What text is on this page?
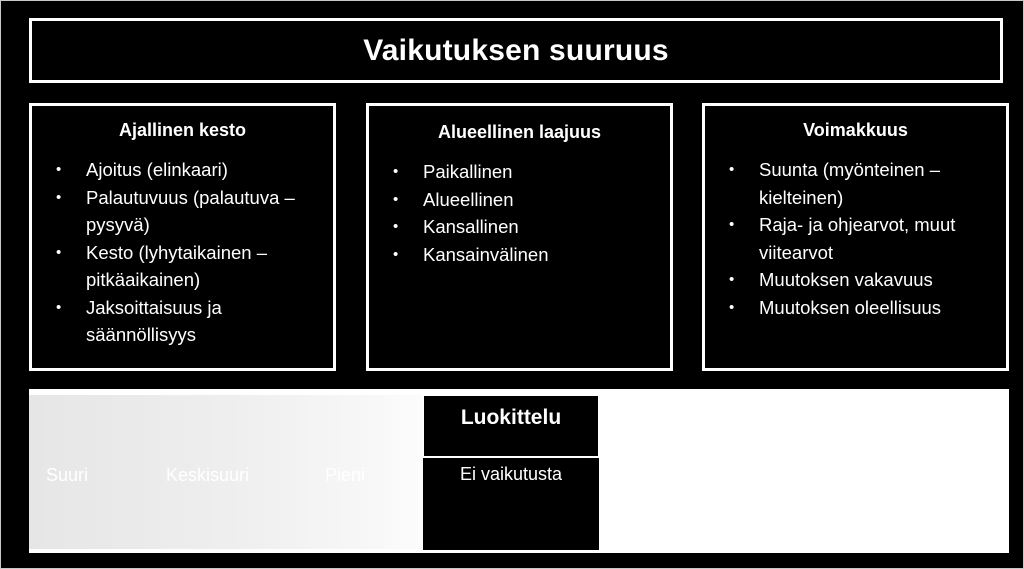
Vaikutuksen suuruus
Ajallinen kesto
• Ajoitus (elinkaari)
• Palautuvuus (palautuva – pysyvä)
• Kesto (lyhytaikainen – pitkäaikainen)
• Jaksoittaisuus ja säännöllisyys
Alueellinen laajuus
• Paikallinen
• Alueellinen
• Kansallinen
• Kansainvälinen
Voimakkuus
• Suunta (myönteinen – kielteinen)
• Raja- ja ohjearvot, muut viitearvot
• Muutoksen vakavuus
• Muutoksen oleellisuus
Suuri	Keskisuuri	Pieni
Luokittelu
Ei vaikutusta
